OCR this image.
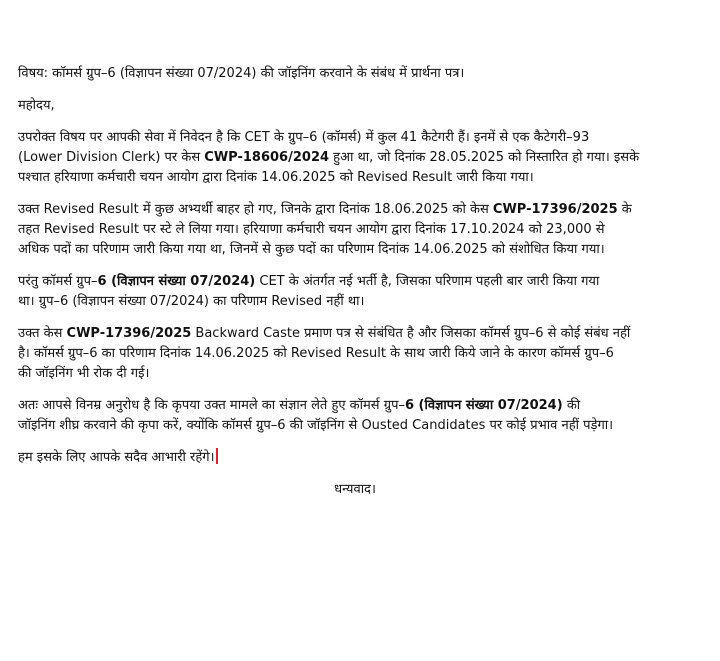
विषय: कॉमर्स ग्रुप–6 (विज्ञापन संख्या 07/2024) की जॉइनिंग करवाने के संबंध में प्रार्थना पत्र।
महोदय,
उपरोक्त विषय पर आपकी सेवा में निवेदन है कि CET के ग्रुप–6 (कॉमर्स) में कुल 41 कैटेगरी हैं। इनमें से एक कैटेगरी–93
(Lower Division Clerk) पर केस CWP-18606/2024 हुआ था, जो दिनांक 28.05.2025 को निस्तारित हो गया। इसके
पश्चात हरियाणा कर्मचारी चयन आयोग द्वारा दिनांक 14.06.2025 को Revised Result जारी किया गया।
उक्त Revised Result में कुछ अभ्यर्थी बाहर हो गए, जिनके द्वारा दिनांक 18.06.2025 को केस CWP-17396/2025 के
तहत Revised Result पर स्टे ले लिया गया। हरियाणा कर्मचारी चयन आयोग द्वारा दिनांक 17.10.2024 को 23,000 से
अधिक पदों का परिणाम जारी किया गया था, जिनमें से कुछ पदों का परिणाम दिनांक 14.06.2025 को संशोधित किया गया।
परंतु कॉमर्स ग्रुप–6 (विज्ञापन संख्या 07/2024) CET के अंतर्गत नई भर्ती है, जिसका परिणाम पहली बार जारी किया गया
था। ग्रुप–6 (विज्ञापन संख्या 07/2024) का परिणाम Revised नहीं था।
उक्त केस CWP-17396/2025 Backward Caste प्रमाण पत्र से संबंधित है और जिसका कॉमर्स ग्रुप–6 से कोई संबंध नहीं
है। कॉमर्स ग्रुप–6 का परिणाम दिनांक 14.06.2025 को Revised Result के साथ जारी किये जाने के कारण कॉमर्स ग्रुप–6
की जॉइनिंग भी रोक दी गई।
अतः आपसे विनम्र अनुरोध है कि कृपया उक्त मामले का संज्ञान लेते हुए कॉमर्स ग्रुप–6 (विज्ञापन संख्या 07/2024) की
जॉइनिंग शीघ्र करवाने की कृपा करें, क्योंकि कॉमर्स ग्रुप–6 की जॉइनिंग से Ousted Candidates पर कोई प्रभाव नहीं पड़ेगा।
हम इसके लिए आपके सदैव आभारी रहेंगे।
धन्यवाद।
